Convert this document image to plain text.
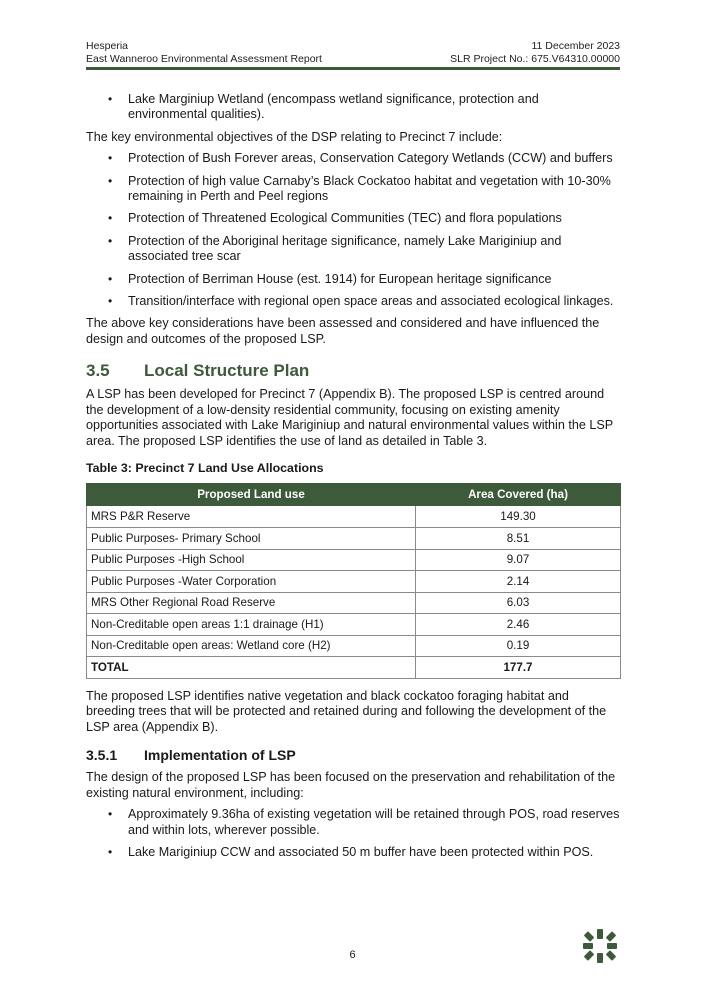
Hesperia	11 December 2023
East Wanneroo Environmental Assessment Report	SLR Project No.: 675.V64310.00000
• Lake Marginiup Wetland (encompass wetland significance, protection and environmental qualities).

The key environmental objectives of the DSP relating to Precinct 7 include:

• Protection of Bush Forever areas, Conservation Category Wetlands (CCW) and buffers
• Protection of high value Carnaby’s Black Cockatoo habitat and vegetation with 10-30% remaining in Perth and Peel regions
• Protection of Threatened Ecological Communities (TEC) and flora populations
• Protection of the Aboriginal heritage significance, namely Lake Mariginiup and associated tree scar
• Protection of Berriman House (est. 1914) for European heritage significance
• Transition/interface with regional open space areas and associated ecological linkages.

The above key considerations have been assessed and considered and have influenced the design and outcomes of the proposed LSP.

3.5	Local Structure Plan

A LSP has been developed for Precinct 7 (Appendix B). The proposed LSP is centred around the development of a low-density residential community, focusing on existing amenity opportunities associated with Lake Mariginiup and natural environmental values within the LSP area. The proposed LSP identifies the use of land as detailed in Table 3.

Table 3: Precinct 7 Land Use Allocations
Proposed Land use	Area Covered (ha)
MRS P&R Reserve	149.30
Public Purposes- Primary School	8.51
Public Purposes -High School	9.07
Public Purposes -Water Corporation	2.14
MRS Other Regional Road Reserve	6.03
Non-Creditable open areas 1:1 drainage (H1)	2.46
Non-Creditable open areas: Wetland core (H2)	0.19
TOTAL	177.7

The proposed LSP identifies native vegetation and black cockatoo foraging habitat and breeding trees that will be protected and retained during and following the development of the LSP area (Appendix B).

3.5.1	Implementation of LSP

The design of the proposed LSP has been focused on the preservation and rehabilitation of the existing natural environment, including:

• Approximately 9.36ha of existing vegetation will be retained through POS, road reserves and within lots, wherever possible.
• Lake Mariginiup CCW and associated 50 m buffer have been protected within POS.
6
